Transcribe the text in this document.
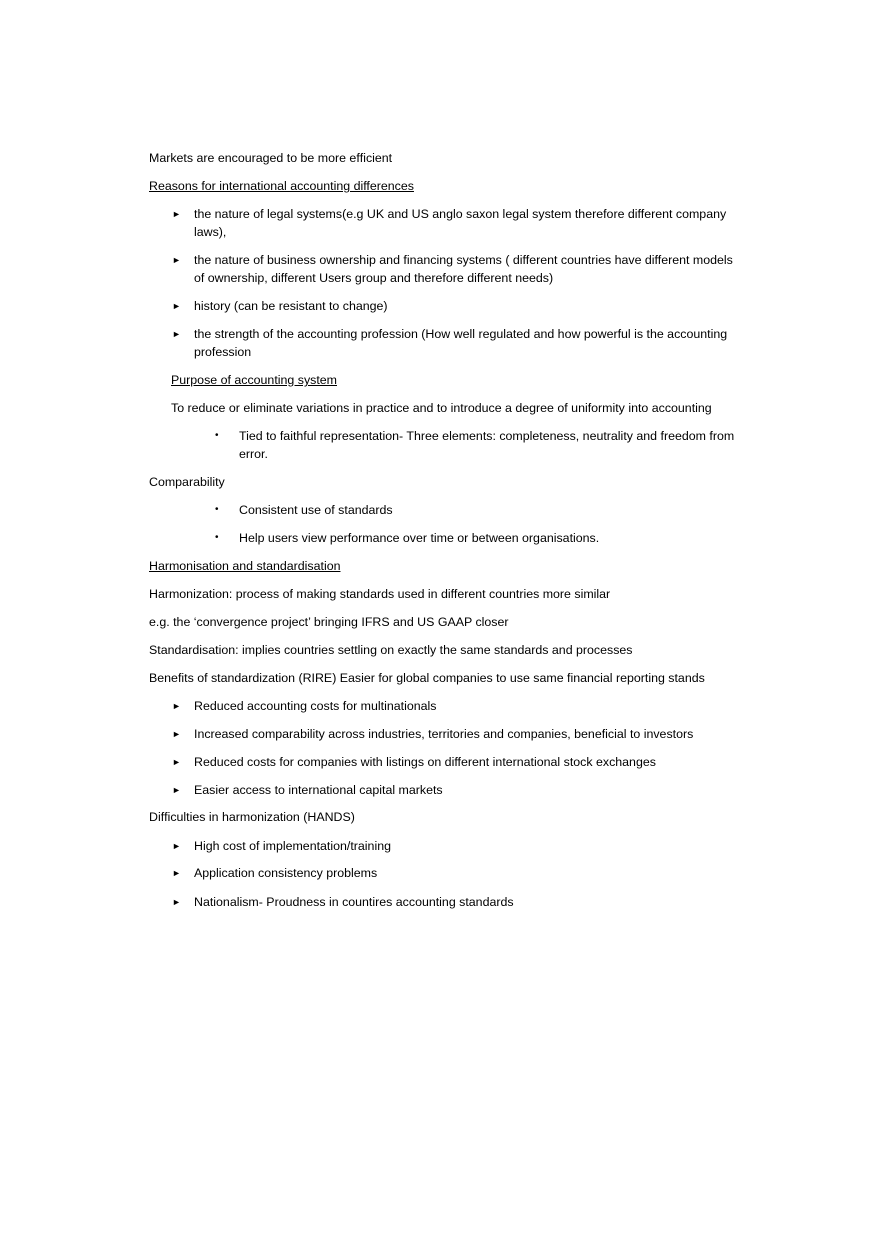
Markets are encouraged to be more efﬁcient
Reasons for international accounting differences
► the nature of legal systems(e.g UK and US anglo saxon legal system therefore different company laws),
► the nature of business ownership and financing systems ( different countries have different models of ownership, different Users group and therefore different needs)
► history (can be resistant to change)
► the strength of the accounting profession (How well regulated and how powerful is the accounting profession
Purpose of accounting system
To reduce or eliminate variations in practice and to introduce a degree of uniformity into accounting
•	Tied to faithful representation- Three elements: completeness, neutrality and freedom from error.
Comparability
•	Consistent use of standards
•	Help users view performance over time or between organisations.
Harmonisation and standardisation
Harmonization: process of making standards used in different countries more similar
e.g. the ‘convergence project’ bringing IFRS and US GAAP closer
Standardisation: implies countries settling on exactly the same standards and processes
Benefits of standardization (RIRE) Easier for global companies to use same financial reporting stands
► Reduced accounting costs for multinationals
► Increased comparability across industries, territories and companies, beneficial to investors
► Reduced costs for companies with listings on different international stock exchanges
► Easier access to international capital markets
Difﬁculties in harmonization (HANDS)
► High cost of implementation/training
► Application consistency problems
► Nationalism- Proudness in countires accounting standards
